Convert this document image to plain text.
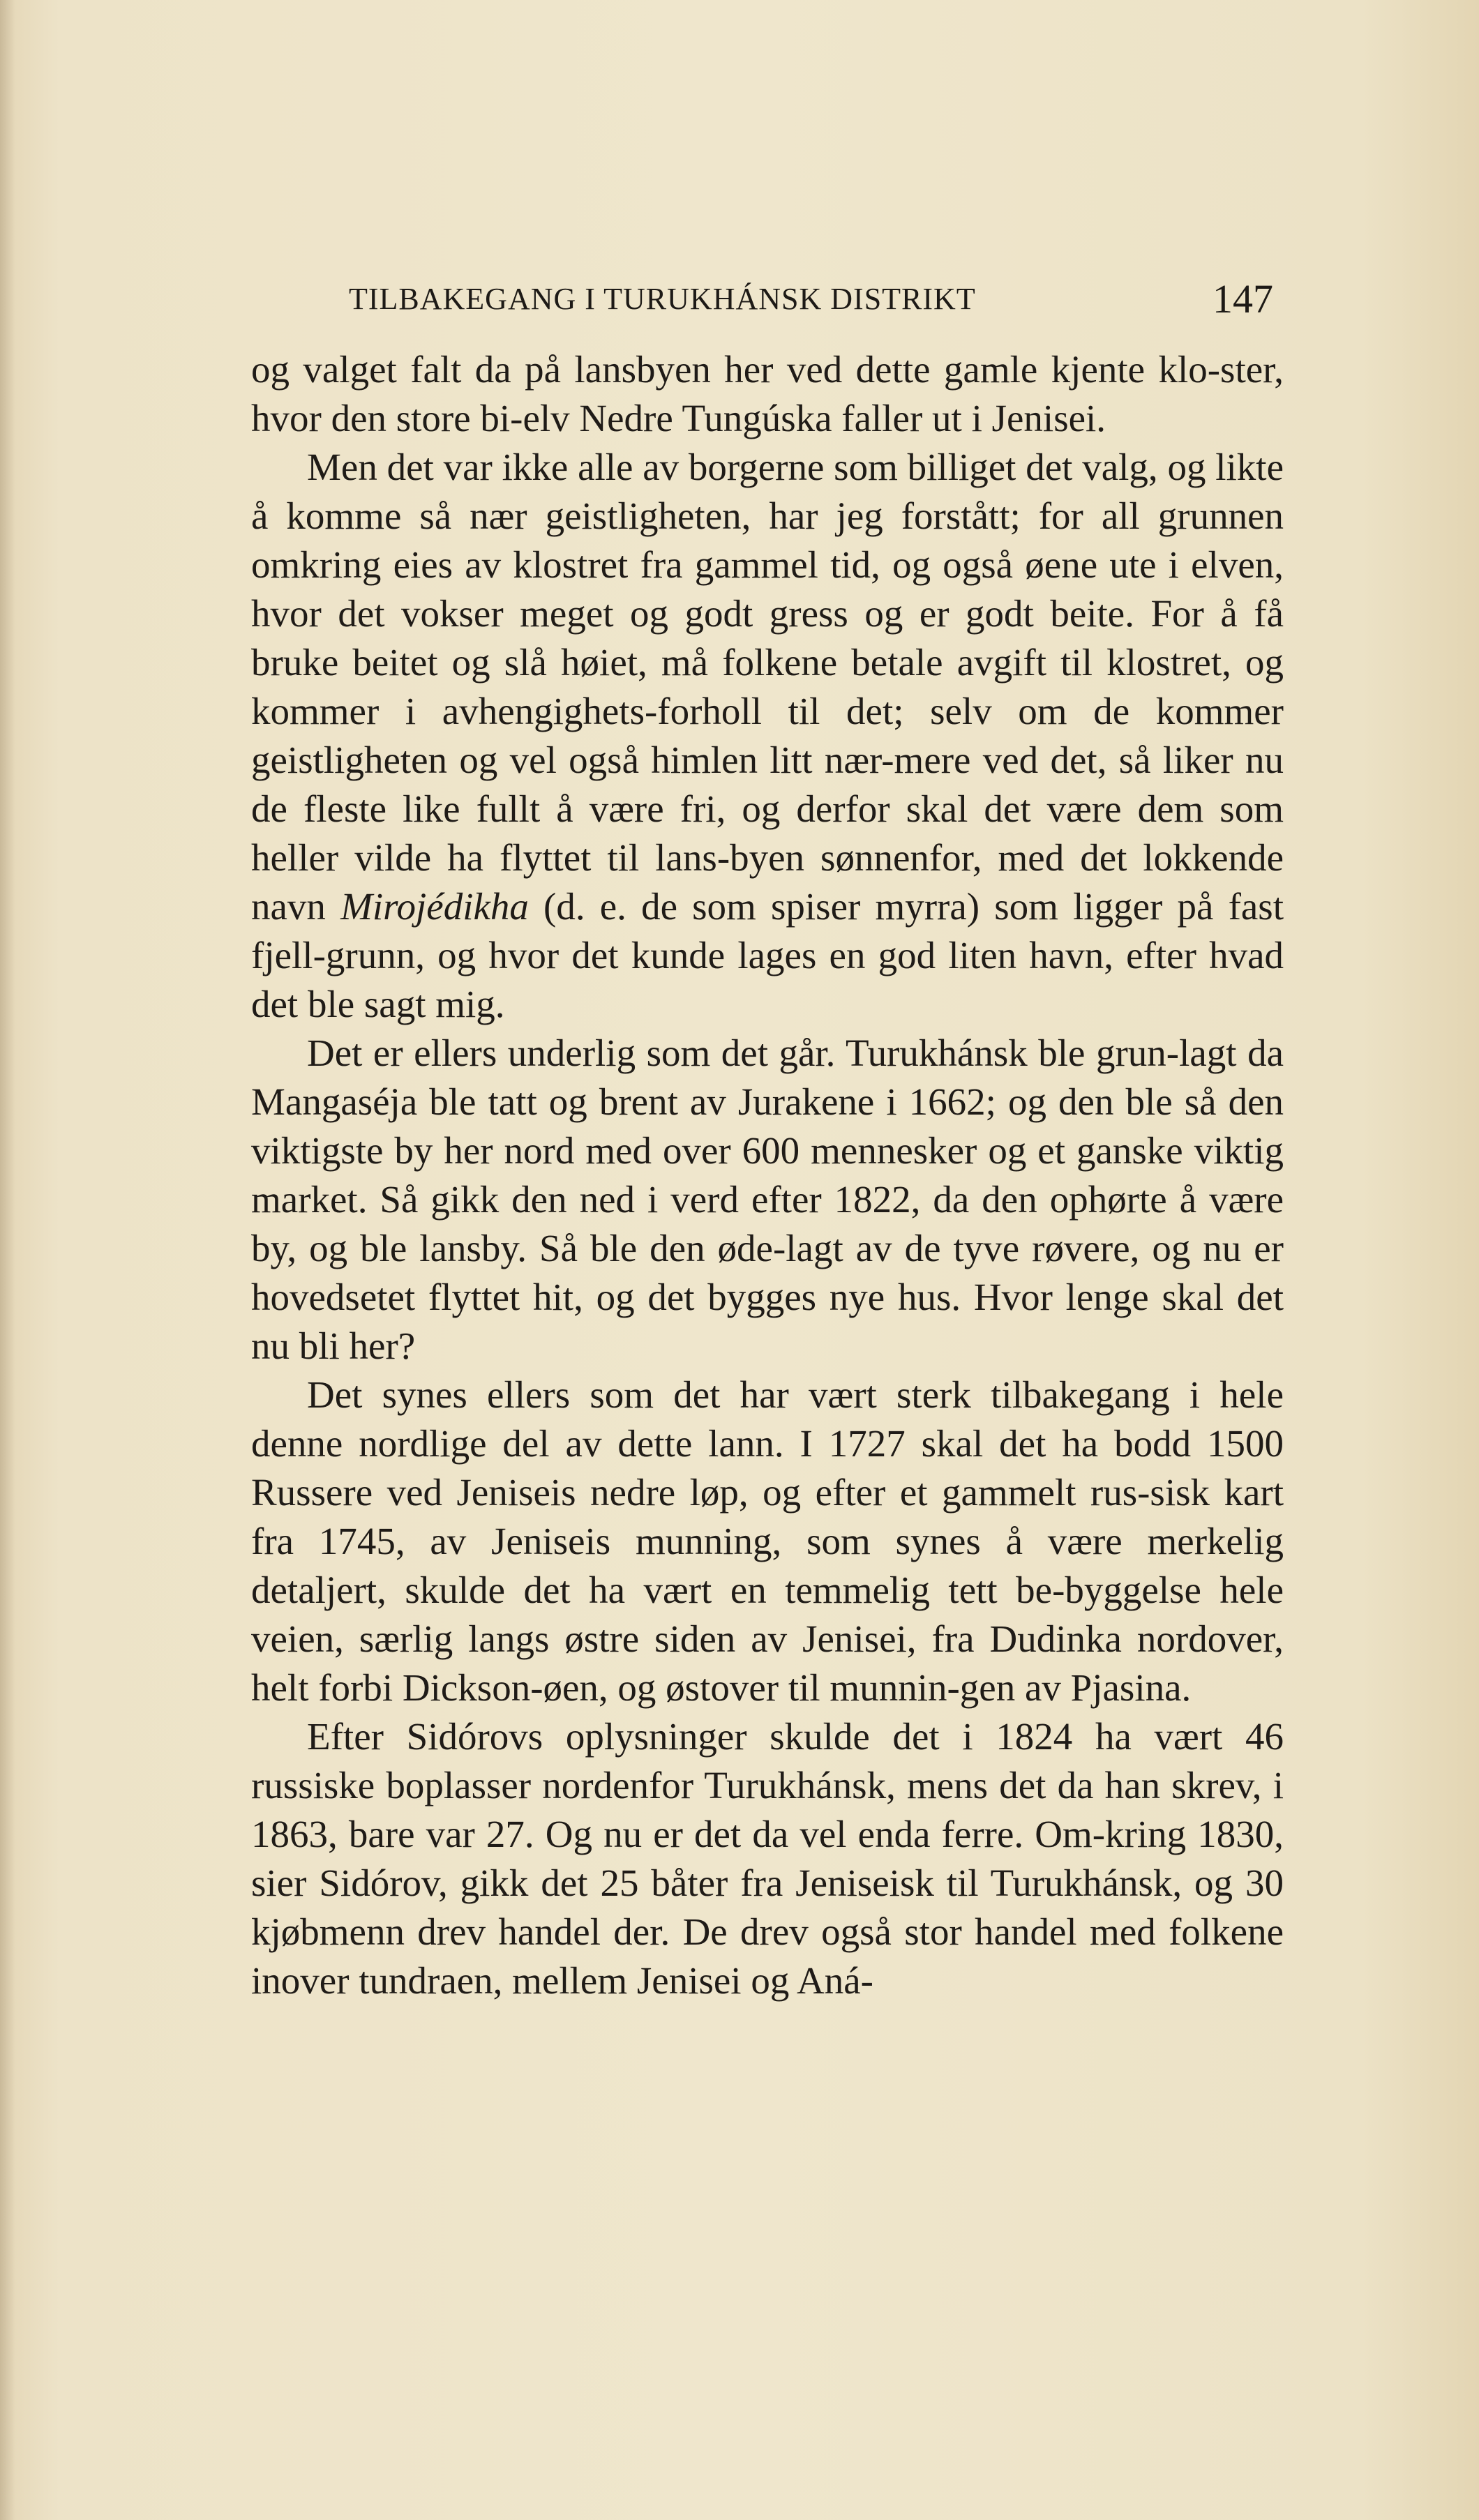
TILBAKEGANG I TURUKHÁNSK DISTRIKT	147

og valget falt da på lansbyen her ved dette gamle kjente klo-ster, hvor den store bi-elv Nedre Tungúska faller ut i Jenisei.

Men det var ikke alle av borgerne som billiget det valg, og likte å komme så nær geistligheten, har jeg forstått; for all grunnen omkring eies av klostret fra gammel tid, og også øene ute i elven, hvor det vokser meget og godt gress og er godt beite. For å få bruke beitet og slå høiet, må folkene betale avgift til klostret, og kommer i avhengighets-forholl til det; selv om de kommer geistligheten og vel også himlen litt nær-mere ved det, så liker nu de fleste like fullt å være fri, og derfor skal det være dem som heller vilde ha flyttet til lans-byen sønnenfor, med det lokkende navn Mirojédikha (d. e. de som spiser myrra) som ligger på fast fjell-grunn, og hvor det kunde lages en god liten havn, efter hvad det ble sagt mig.

Det er ellers underlig som det går. Turukhánsk ble grun-lagt da Mangaséja ble tatt og brent av Jurakene i 1662; og den ble så den viktigste by her nord med over 600 mennesker og et ganske viktig market. Så gikk den ned i verd efter 1822, da den ophørte å være by, og ble lansby. Så ble den øde-lagt av de tyve røvere, og nu er hovedsetet flyttet hit, og det bygges nye hus. Hvor lenge skal det nu bli her?

Det synes ellers som det har vært sterk tilbakegang i hele denne nordlige del av dette lann. I 1727 skal det ha bodd 1500 Russere ved Jeniseis nedre løp, og efter et gammelt rus-sisk kart fra 1745, av Jeniseis munning, som synes å være merkelig detaljert, skulde det ha vært en temmelig tett be-byggelse hele veien, særlig langs østre siden av Jenisei, fra Dudinka nordover, helt forbi Dickson-øen, og østover til munnin-gen av Pjasina.

Efter Sidórovs oplysninger skulde det i 1824 ha vært 46 russiske boplasser nordenfor Turukhánsk, mens det da han skrev, i 1863, bare var 27. Og nu er det da vel enda ferre. Om-kring 1830, sier Sidórov, gikk det 25 båter fra Jeniseisk til Turukhánsk, og 30 kjøbmenn drev handel der. De drev også stor handel med folkene inover tundraen, mellem Jenisei og Aná-
